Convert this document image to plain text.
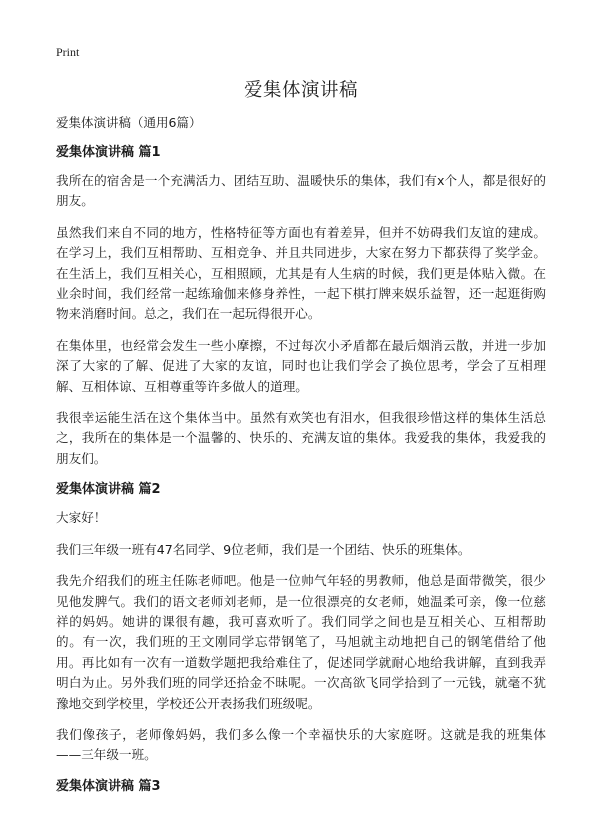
Print
爱集体演讲稿
爱集体演讲稿（通用6篇）
爱集体演讲稿 篇1

我所在的宿舍是一个充满活力、团结互助、温暖快乐的集体，我们有x个人，都是很好的朋友。

虽然我们来自不同的地方，性格特征等方面也有着差异，但并不妨碍我们友谊的建成。在学习上，我们互相帮助、互相竞争、并且共同进步，大家在努力下都获得了奖学金。在生活上，我们互相关心，互相照顾，尤其是有人生病的时候，我们更是体贴入微。在业余时间，我们经常一起练瑜伽来修身养性，一起下棋打牌来娱乐益智，还一起逛街购物来消磨时间。总之，我们在一起玩得很开心。

在集体里，也经常会发生一些小摩擦，不过每次小矛盾都在最后烟消云散，并进一步加深了大家的了解、促进了大家的友谊，同时也让我们学会了换位思考，学会了互相理解、互相体谅、互相尊重等许多做人的道理。

我很幸运能生活在这个集体当中。虽然有欢笑也有泪水，但我很珍惜这样的集体生活总之，我所在的集体是一个温馨的、快乐的、充满友谊的集体。我爱我的集体，我爱我的朋友们。

爱集体演讲稿 篇2

大家好！

我们三年级一班有47名同学、9位老师，我们是一个团结、快乐的班集体。

我先介绍我们的班主任陈老师吧。他是一位帅气年轻的男教师，他总是面带微笑，很少见他发脾气。我们的语文老师刘老师，是一位很漂亮的女老师，她温柔可亲，像一位慈祥的妈妈。她讲的课很有趣，我可喜欢听了。我们同学之间也是互相关心、互相帮助的。有一次，我们班的王文刚同学忘带钢笔了，马旭就主动地把自己的钢笔借给了他用。再比如有一次有一道数学题把我给难住了，促述同学就耐心地给我讲解，直到我弄明白为止。另外我们班的同学还拾金不昧呢。一次高欲飞同学拾到了一元钱，就毫不犹豫地交到学校里，学校还公开表扬我们班级呢。

我们像孩子，老师像妈妈，我们多么像一个幸福快乐的大家庭呀。这就是我的班集体——三年级一班。

爱集体演讲稿 篇3
